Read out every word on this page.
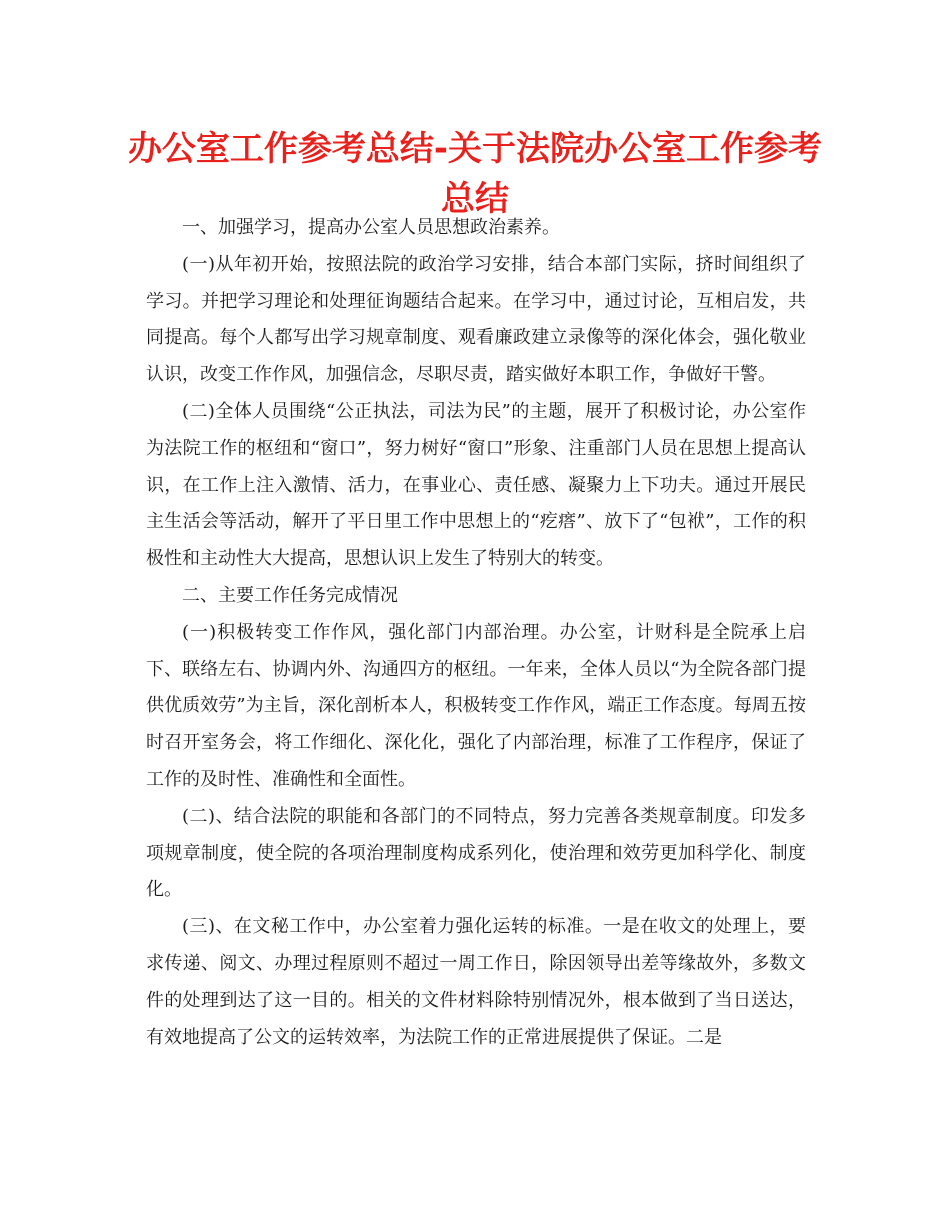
办公室工作参考总结-关于法院办公室工作参考总结

一、加强学习，提高办公室人员思想政治素养。

(一)从年初开始，按照法院的政治学习安排，结合本部门实际，挤时间组织了学习。并把学习理论和处理征询题结合起来。在学习中，通过讨论，互相启发，共同提高。每个人都写出学习规章制度、观看廉政建立录像等的深化体会，强化敬业认识，改变工作作风，加强信念，尽职尽责，踏实做好本职工作，争做好干警。

(二)全体人员围绕“公正执法，司法为民”的主题，展开了积极讨论，办公室作为法院工作的枢纽和“窗口”，努力树好“窗口”形象、注重部门人员在思想上提高认识，在工作上注入激情、活力，在事业心、责任感、凝聚力上下功夫。通过开展民主生活会等活动，解开了平日里工作中思想上的“疙瘩”、放下了“包袱”，工作的积极性和主动性大大提高，思想认识上发生了特别大的转变。

二、主要工作任务完成情况

(一)积极转变工作作风，强化部门内部治理。办公室，计财科是全院承上启下、联络左右、协调内外、沟通四方的枢纽。一年来，全体人员以“为全院各部门提供优质效劳”为主旨，深化剖析本人，积极转变工作作风，端正工作态度。每周五按时召开室务会，将工作细化、深化化，强化了内部治理，标准了工作程序，保证了工作的及时性、准确性和全面性。

(二)、结合法院的职能和各部门的不同特点，努力完善各类规章制度。印发多项规章制度，使全院的各项治理制度构成系列化，使治理和效劳更加科学化、制度化。

(三)、在文秘工作中，办公室着力强化运转的标准。一是在收文的处理上，要求传递、阅文、办理过程原则不超过一周工作日，除因领导出差等缘故外，多数文件的处理到达了这一目的。相关的文件材料除特别情况外，根本做到了当日送达，有效地提高了公文的运转效率，为法院工作的正常进展提供了保证。二是
